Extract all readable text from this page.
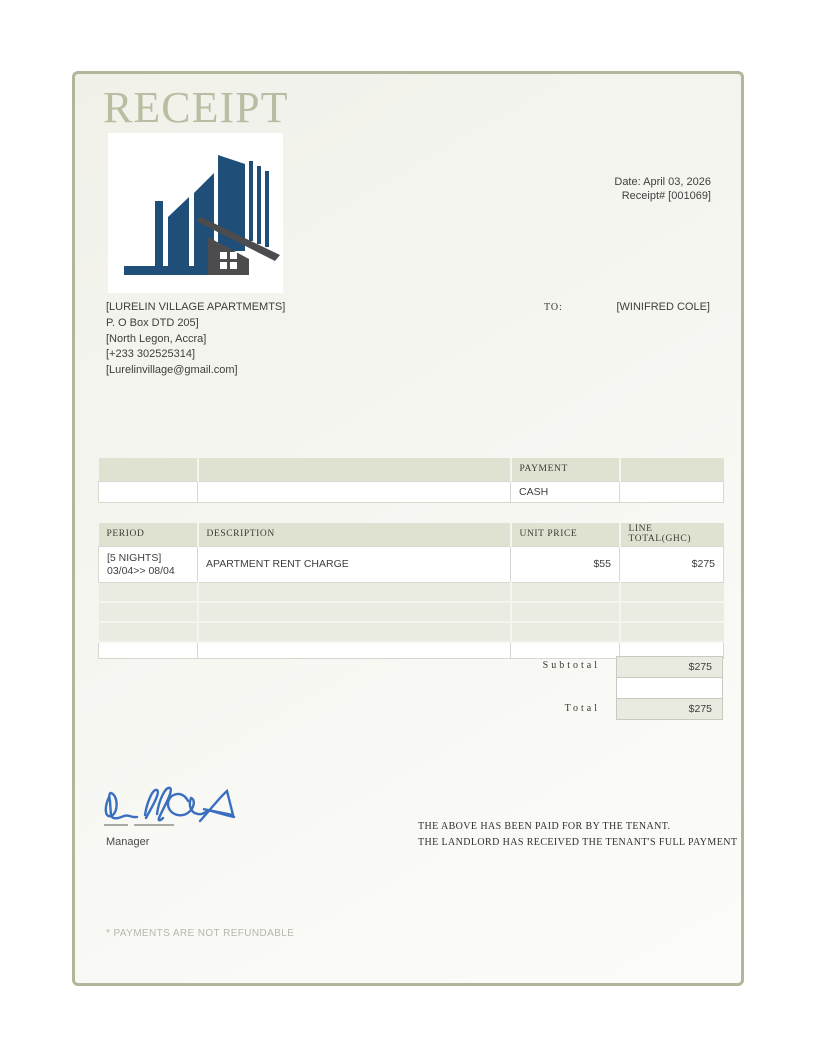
RECEIPT
Date: April 03, 2026
Receipt# [001069]
[LURELIN VILLAGE APARTMEMTS]
P. O Box DTD 205]
[North Legon, Accra]
[+233 302525314]
[Lurelinvillage@gmail.com]
TO:	[WINIFRED COLE]
		PAYMENT	
		CASH	
PERIOD	DESCRIPTION	UNIT PRICE	LINE TOTAL(GHC)

[5 NIGHTS]
03/04>> 08/04	APARTMENT RENT CHARGE	$55	$275

Subtotal	$275
Total	$275
Manager
THE ABOVE HAS BEEN PAID FOR BY THE TENANT.
THE LANDLORD HAS RECEIVED THE TENANT'S FULL PAYMENT
* PAYMENTS ARE NOT REFUNDABLE
